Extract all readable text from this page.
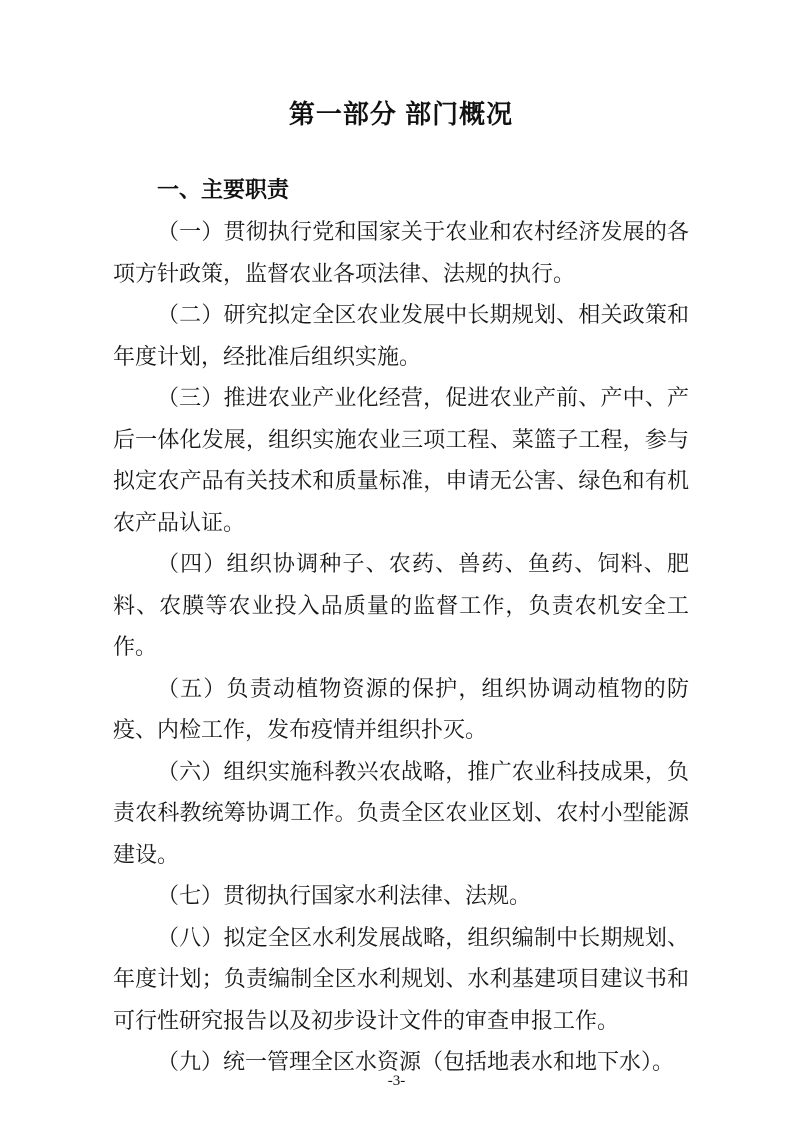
第一部分 部门概况
一、主要职责

（一）贯彻执行党和国家关于农业和农村经济发展的各项方针政策，监督农业各项法律、法规的执行。

（二）研究拟定全区农业发展中长期规划、相关政策和年度计划，经批准后组织实施。

（三）推进农业产业化经营，促进农业产前、产中、产后一体化发展，组织实施农业三项工程、菜篮子工程，参与拟定农产品有关技术和质量标准，申请无公害、绿色和有机农产品认证。

（四）组织协调种子、农药、兽药、鱼药、饲料、肥料、农膜等农业投入品质量的监督工作，负责农机安全工作。

（五）负责动植物资源的保护，组织协调动植物的防疫、内检工作，发布疫情并组织扑灭。

（六）组织实施科教兴农战略，推广农业科技成果，负责农科教统筹协调工作。负责全区农业区划、农村小型能源建设。

（七）贯彻执行国家水利法律、法规。

（八）拟定全区水利发展战略，组织编制中长期规划、年度计划；负责编制全区水利规划、水利基建项目建议书和可行性研究报告以及初步设计文件的审查申报工作。

（九）统一管理全区水资源（包括地表水和地下水）。

-3-
